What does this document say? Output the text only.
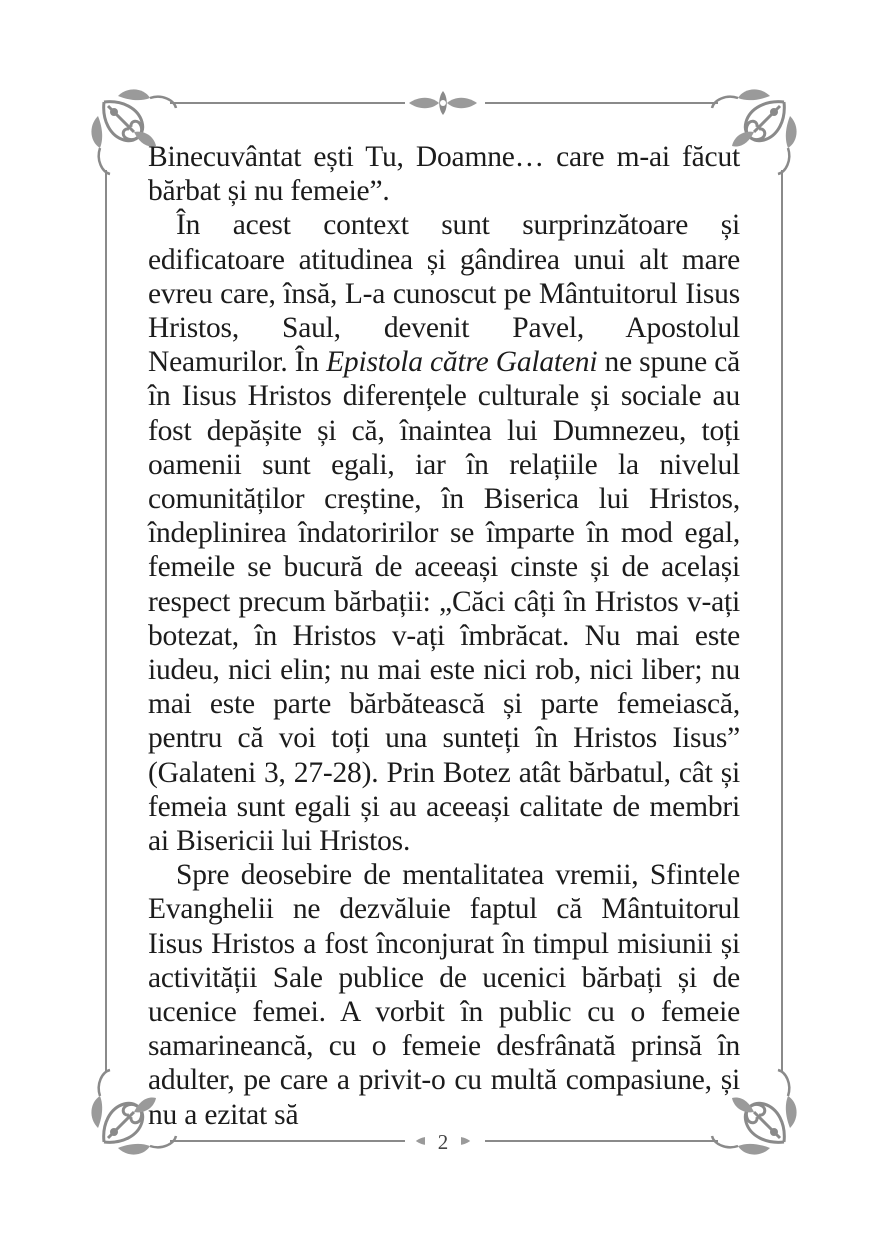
Binecuvântat ești Tu, Doamne… care m-ai făcut bărbat și nu femeie”.

În acest context sunt surprinzătoare și edificatoare atitudinea și gândirea unui alt mare evreu care, însă, L-a cunoscut pe Mântuitorul Iisus Hristos, Saul, devenit Pavel, Apostolul Neamurilor. În Epistola către Galateni ne spune că în Iisus Hristos diferențele culturale și sociale au fost depășite și că, înaintea lui Dumnezeu, toți oamenii sunt egali, iar în relațiile la nivelul comunităților creștine, în Biserica lui Hristos, îndeplinirea îndatoririlor se împarte în mod egal, femeile se bucură de aceeași cinste și de același respect precum bărbații: „Căci câți în Hristos v-ați botezat, în Hristos v-ați îmbrăcat. Nu mai este iudeu, nici elin; nu mai este nici rob, nici liber; nu mai este parte bărbătească și parte femeiască, pentru că voi toți una sunteți în Hristos Iisus” (Galateni 3, 27-28). Prin Botez atât bărbatul, cât și femeia sunt egali și au aceeași calitate de membri ai Bisericii lui Hristos.

Spre deosebire de mentalitatea vremii, Sfintele Evanghelii ne dezvăluie faptul că Mântuitorul Iisus Hristos a fost înconjurat în timpul misiunii și activității Sale publice de ucenici bărbați și de ucenice femei. A vorbit în public cu o femeie samarineancă, cu o femeie desfrânată prinsă în adulter, pe care a privit-o cu multă compasiune, și nu a ezitat să

2
